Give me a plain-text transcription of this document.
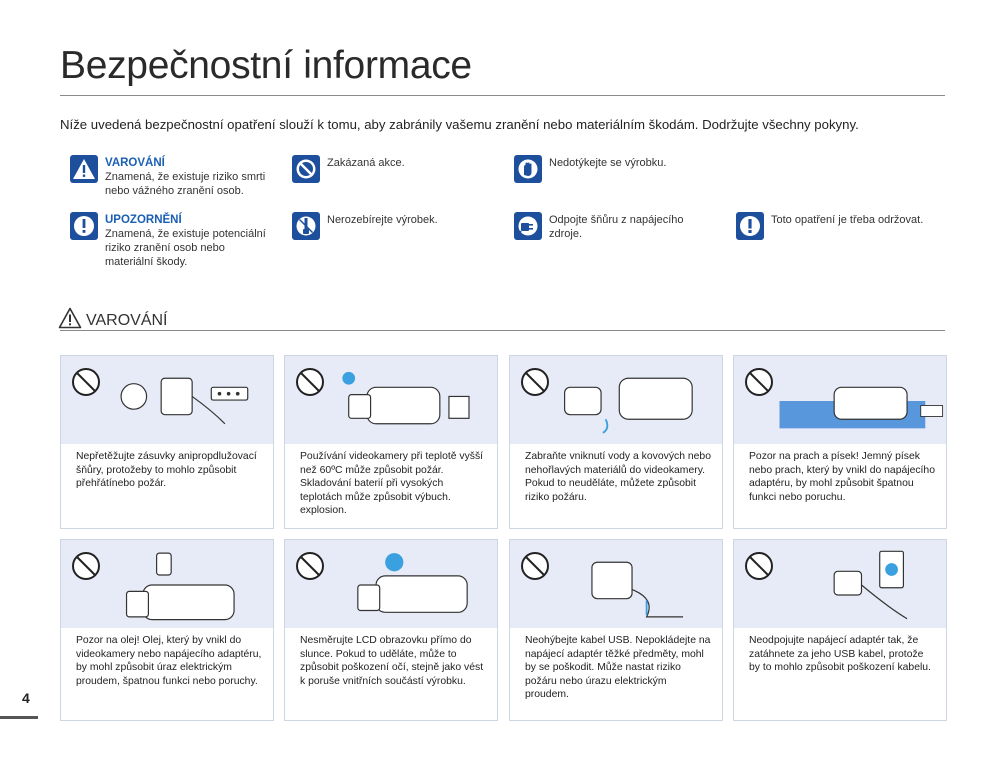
Bezpečnostní informace
Níže uvedená bezpečnostní opatření slouží k tomu, aby zabránily vašemu zranění nebo materiálním škodám. Dodržujte všechny pokyny.
VAROVÁNÍ
Znamená, že existuje riziko smrti nebo vážného zranění osob.
UPOZORNĚNÍ
Znamená, že existuje potenciální riziko zranění osob nebo materiální škody.
Zakázaná akce.
Nerozebírejte výrobek.
Nedotýkejte se výrobku.
Odpojte šňůru z napájecího zdroje.
Toto opatření je třeba održovat.
VAROVÁNÍ
Nepřetěžujte zásuvky anipropdlužovací šňůry, protožeby to mohlo způsobit přehřátínebo požár.
Používání videokamery při teplotě vyšší než 60ºC může způsobit požár. Skladování baterií při vysokých teplotách může způsobit výbuch. explosion.
Zabraňte vniknutí vody a kovových nebo nehořlavých materiálů do videokamery. Pokud to neuděláte, můžete způsobit riziko požáru.
Pozor na prach a písek! Jemný písek nebo prach, který by vnikl do napájecího adaptéru, by mohl způsobit špatnou funkci nebo poruchu.
Pozor na olej! Olej, který by vnikl do videokamery nebo napájecího adaptéru, by mohl způsobit úraz elektrickým proudem, špatnou funkci nebo poruchy.
Nesměrujte LCD obrazovku přímo do slunce. Pokud to uděláte, může to způsobit poškození očí, stejně jako vést k poruše vnitřních součástí výrobku.
Neohýbejte kabel USB. Nepokládejte na napájecí adaptér těžké předměty, mohl by se poškodit. Může nastat riziko požáru nebo úrazu elektrickým proudem.
Neodpojujte napájecí adaptér tak, že zatáhnete za jeho USB kabel, protože by to mohlo způsobit poškození kabelu.
4
